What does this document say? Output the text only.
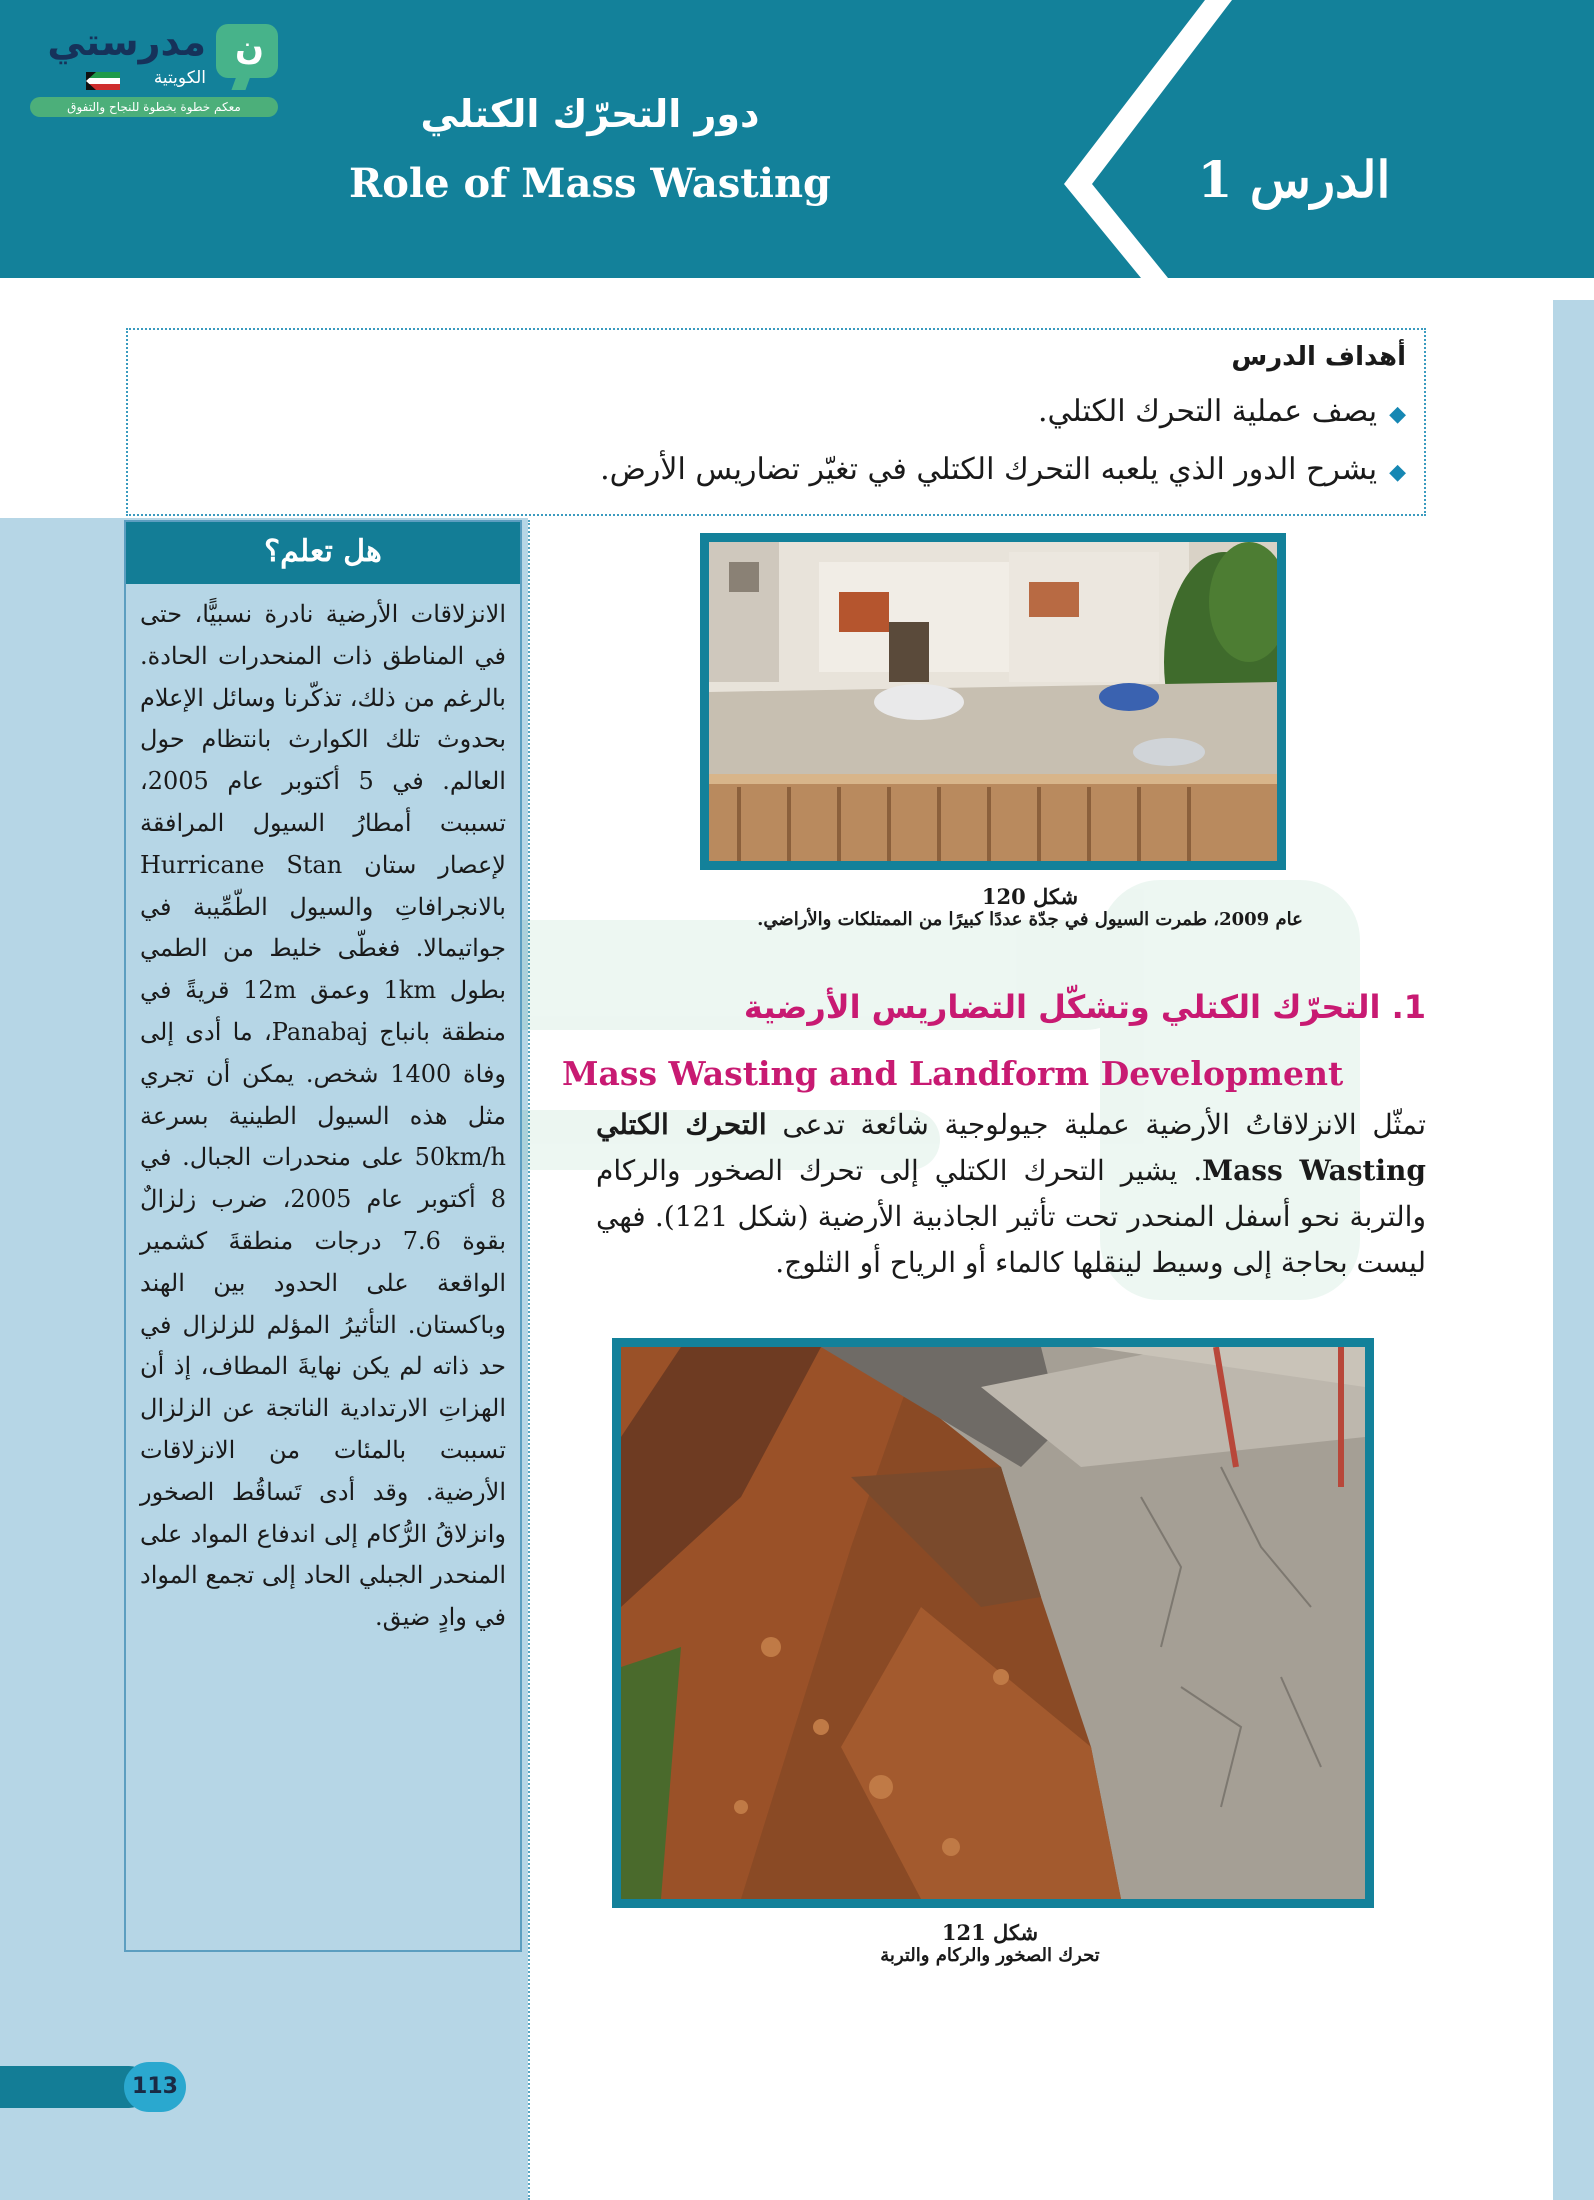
الدرس 1
دور التحرّك الكتلي
Role of Mass Wasting
ن
مدرستي
الكويتية
معكم خطوة بخطوة للنجاح والتفوق
أهداف الدرس
◆يصف عملية التحرك الكتلي.
◆يشرح الدور الذي يلعبه التحرك الكتلي في تغيّر تضاريس الأرض.
هل تعلم؟
الانزلاقات الأرضية نادرة نسبيًّا، حتى في المناطق ذات المنحدرات الحادة. بالرغم من ذلك، تذكّرنا وسائل الإعلام بحدوث تلك الكوارث بانتظام حول العالم. في 5 أكتوبر عام 2005، تسببت أمطارُ السيول المرافقة لإعصار ستان Hurricane Stan بالانجرافاتِ والسيول الطّمِّيبة في جواتيمالا. فغطّى خليط من الطمي بطول 1km وعمق 12m قريةً في منطقة بانباج Panabaj، ما أدى إلى وفاة 1400 شخص. يمكن أن تجري مثل هذه السيول الطينية بسرعة 50km/h على منحدرات الجبال. في 8 أكتوبر عام 2005، ضرب زلزالٌ بقوة 7.6 درجات منطقةَ كشمير الواقعة على الحدود بين الهند وباكستان. التأثيرُ المؤلم للزلزال في حد ذاته لم يكن نهايةَ المطاف، إذ أن الهزاتِ الارتدادية الناتجة عن الزلزال تسببت بالمئات من الانزلاقات الأرضية. وقد أدى تَساقُط الصخور وانزلاقُ الرُّكام إلى اندفاع المواد على المنحدر الجبلي الحاد إلى تجمع المواد في وادٍ ضيق.
شكل 120
عام 2009، طمرت السيول في جدّة عددًا كبيرًا من الممتلكات والأراضي.
1. التحرّك الكتلي وتشكّل التضاريس الأرضية
Mass Wasting and Landform Development
تمثّل الانزلاقاتُ الأرضية عملية جيولوجية شائعة تدعى التحرك الكتلي Mass Wasting. يشير التحرك الكتلي إلى تحرك الصخور والركام والتربة نحو أسفل المنحدر تحت تأثير الجاذبية الأرضية (شكل 121). فهي ليست بحاجة إلى وسيط لينقلها كالماء أو الرياح أو الثلوج.
شكل 121
تحرك الصخور والركام والتربة
113
